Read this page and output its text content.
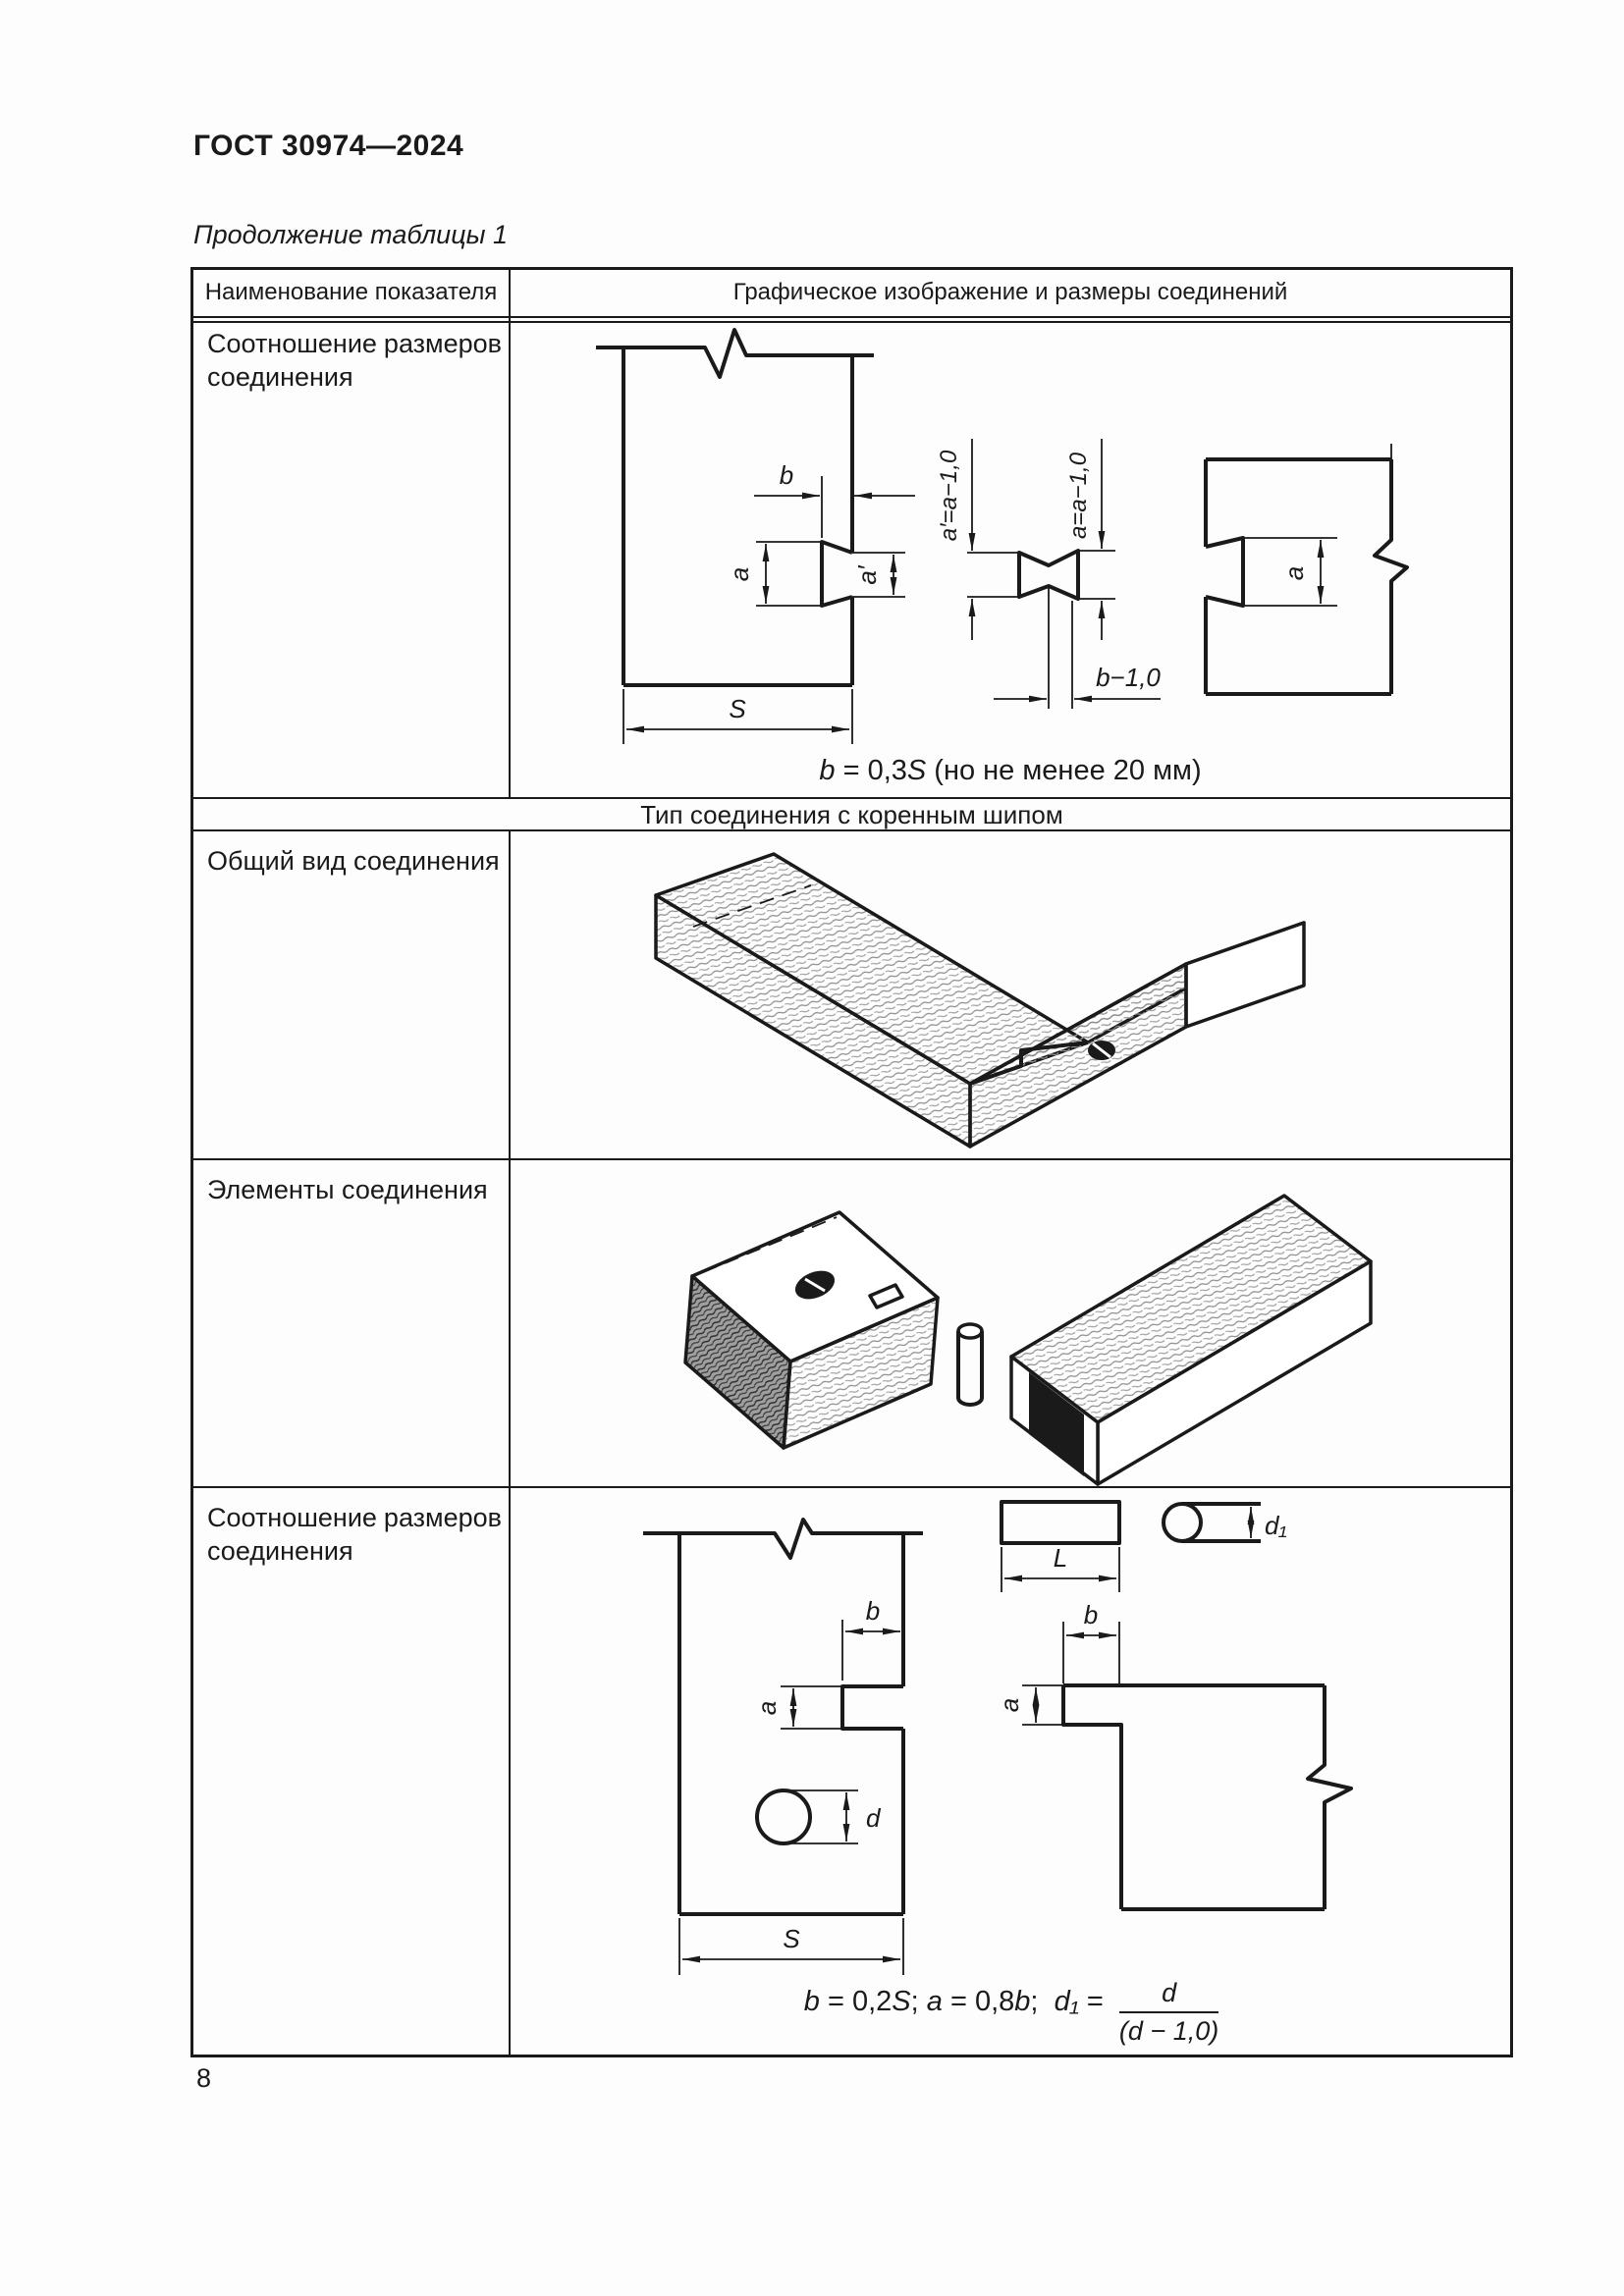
ГОСТ 30974—2024
Продолжение таблицы 1
Наименование показателя	Графическое изображение и размеры соединений
Соотношение размеров
соединения
b
a	a′
S
a′=a−1,0	a=a−1,0
b−1,0
a
b = 0,3S (но не менее 20 мм)
Тип соединения с коренным шипом
Общий вид соединения
Элементы соединения
Соотношение размеров
соединения
b
a
d
S
L
d₁
b
a
b = 0,2S; a = 0,8b;  $d_1 = \frac{d}{(d - 1,0)}$
8
